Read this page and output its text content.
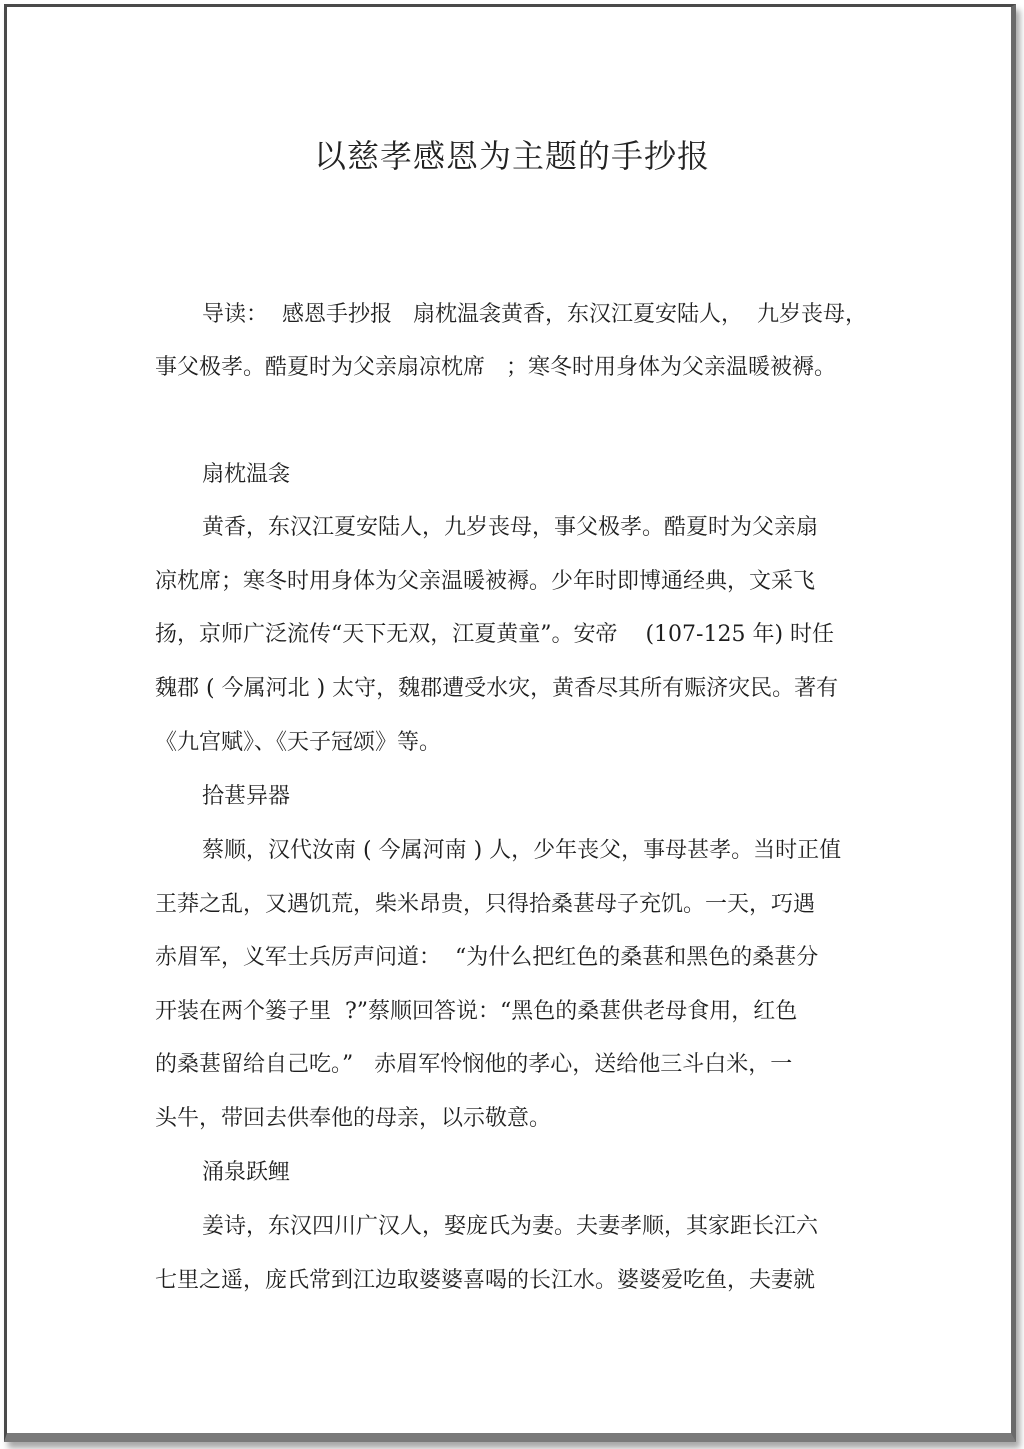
以慈孝感恩为主题的手抄报
导读：  感恩手抄报   扇枕温衾黄香，东汉江夏安陆人，  九岁丧母，
事父极孝。酷夏时为父亲扇凉枕席   ；寒冬时用身体为父亲温暖被褥。
扇枕温衾
黄香，东汉江夏安陆人，九岁丧母，事父极孝。酷夏时为父亲扇
凉枕席；寒冬时用身体为父亲温暖被褥。少年时即博通经典，文采飞
扬，京师广泛流传“天下无双，江夏黄童”。安帝    (107-125 年) 时任
魏郡 ( 今属河北 ) 太守，魏郡遭受水灾，黄香尽其所有赈济灾民。著有
《九宫赋》、《天子冠颂》等。
拾葚异器
蔡顺，汉代汝南 ( 今属河南 ) 人，少年丧父，事母甚孝。当时正值
王莽之乱，又遇饥荒，柴米昂贵，只得拾桑葚母子充饥。一天，巧遇
赤眉军，义军士兵厉声问道：  “为什么把红色的桑葚和黑色的桑葚分
开装在两个篓子里  ?”蔡顺回答说：“黑色的桑葚供老母食用，红色
的桑葚留给自己吃。”   赤眉军怜悯他的孝心，送给他三斗白米，一
头牛，带回去供奉他的母亲，以示敬意。
涌泉跃鲤
姜诗，东汉四川广汉人，娶庞氏为妻。夫妻孝顺，其家距长江六
七里之遥，庞氏常到江边取婆婆喜喝的长江水。婆婆爱吃鱼，夫妻就
